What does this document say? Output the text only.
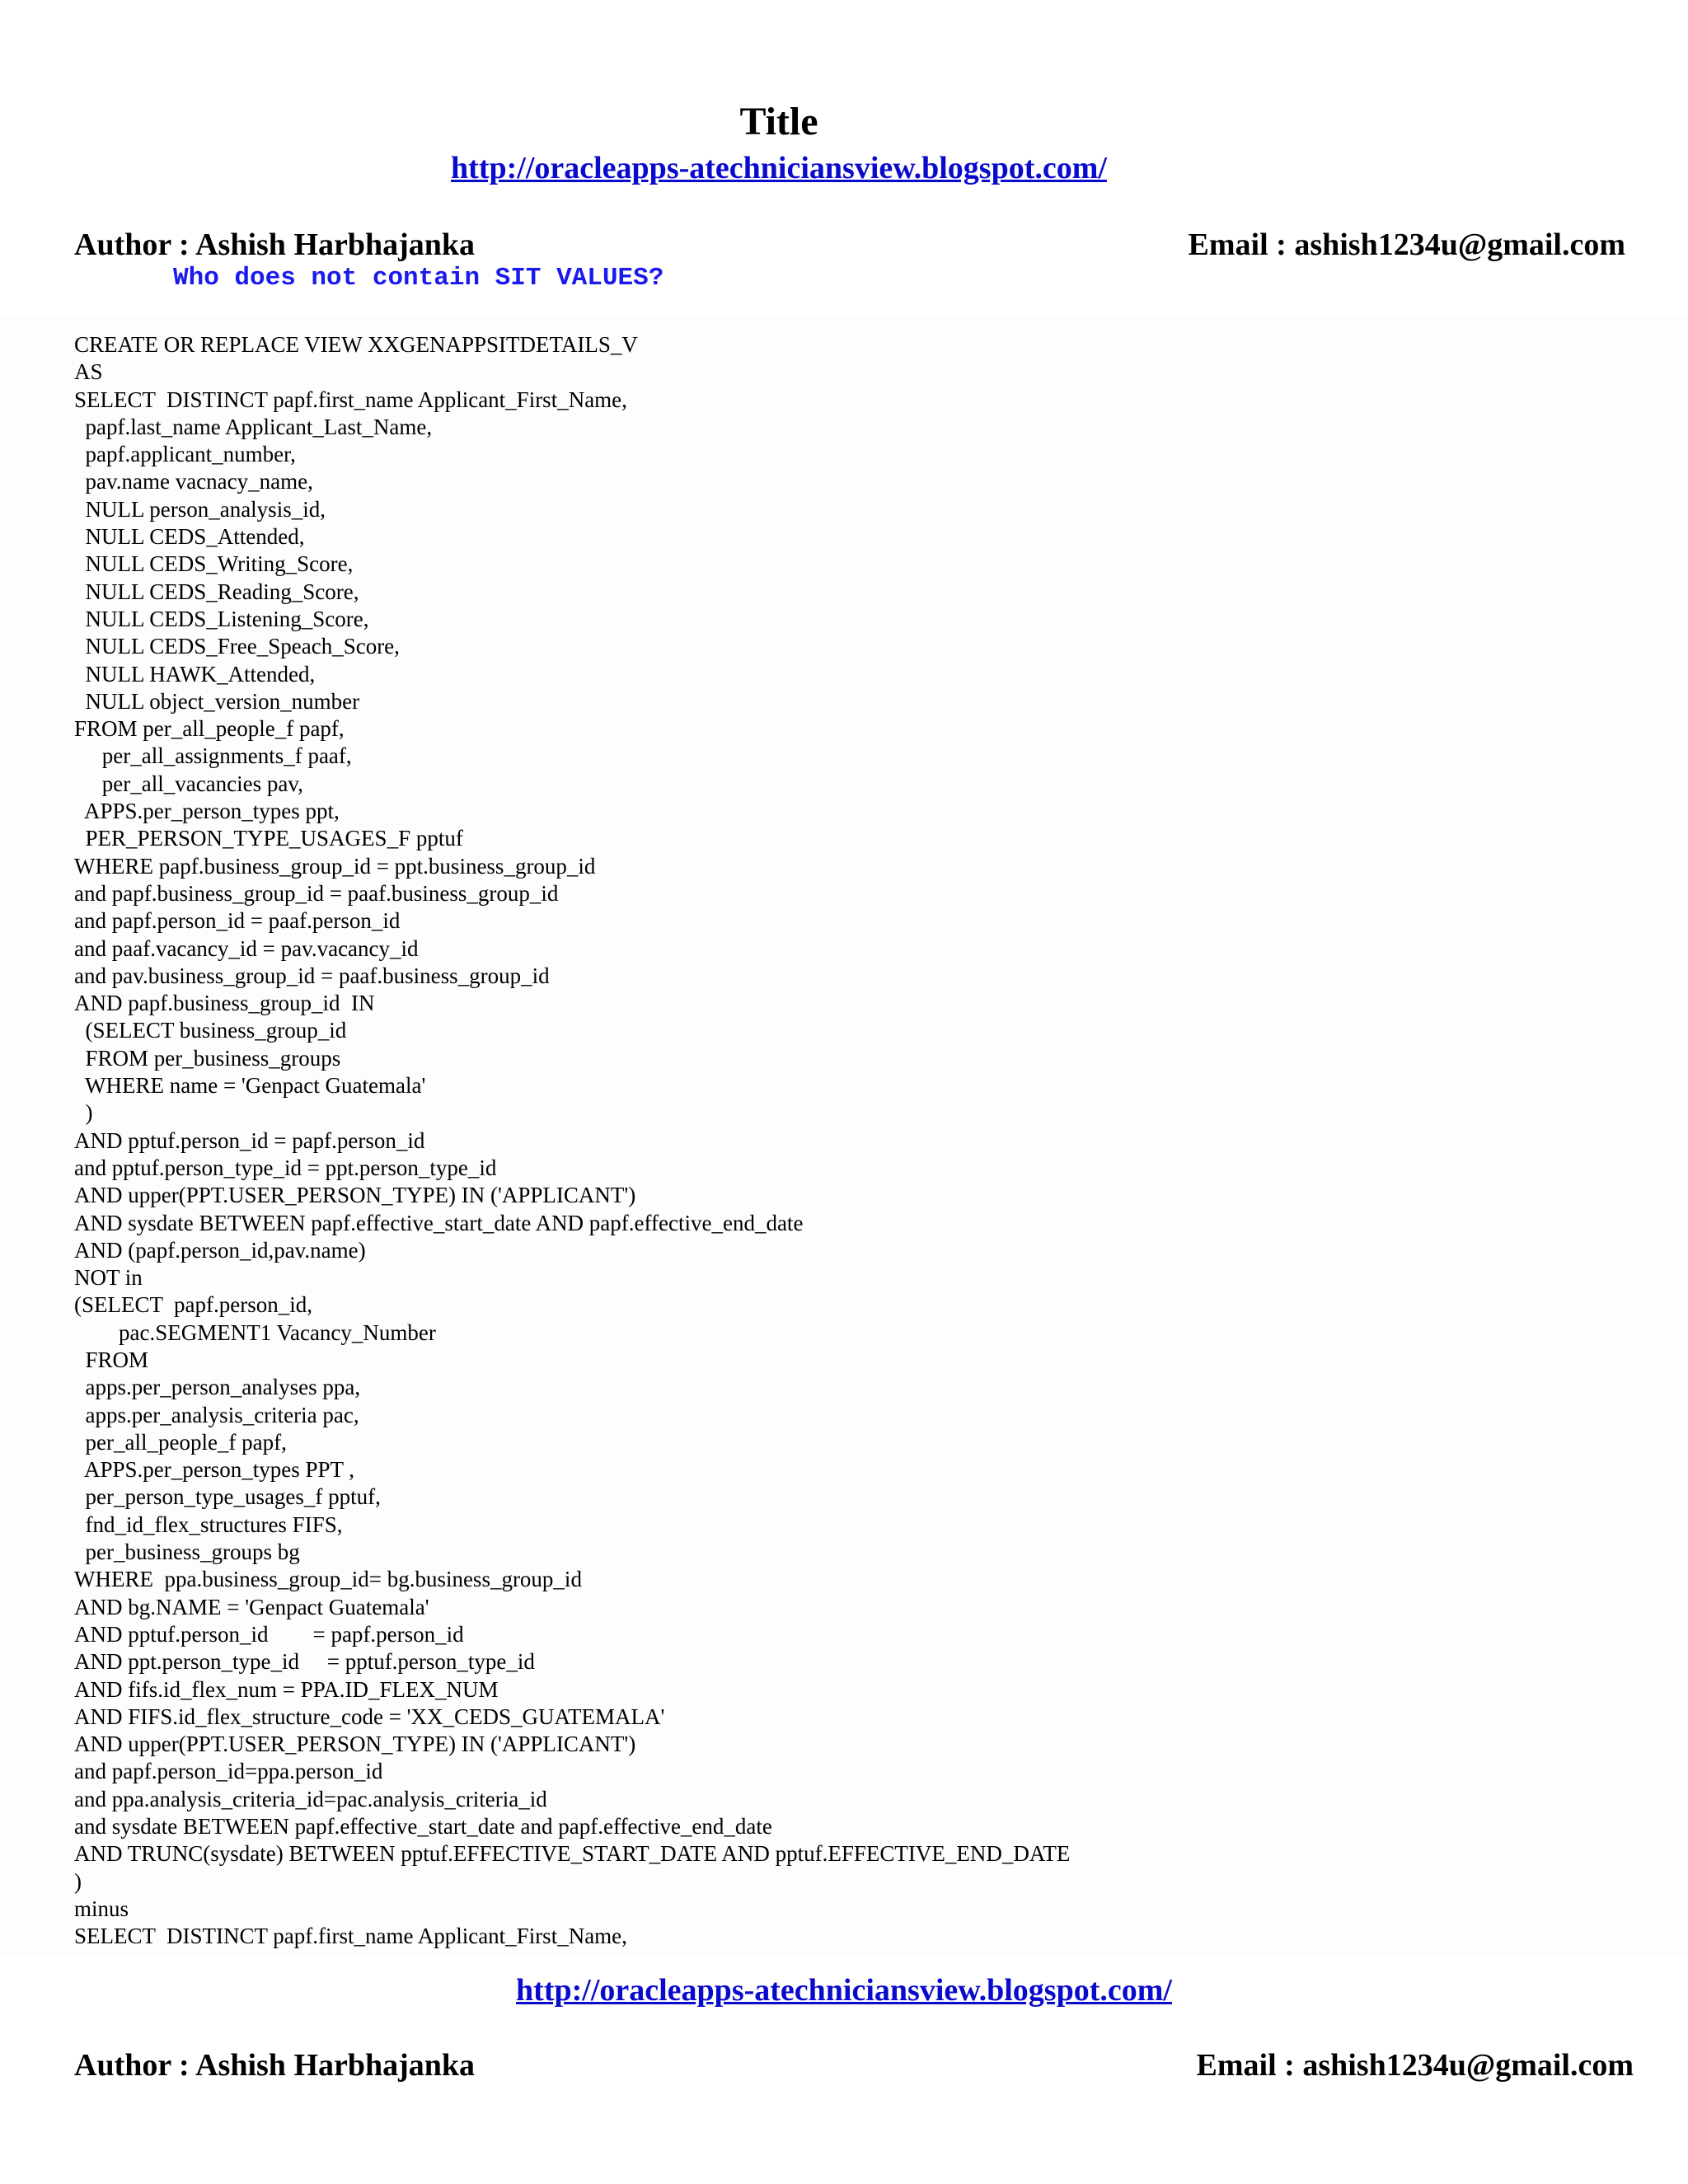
Title
http://oracleapps-atechniciansview.blogspot.com/
Author : Ashish Harbhajanka	Email : ashish1234u@gmail.com
Who does not contain SIT VALUES?
CREATE OR REPLACE VIEW XXGENAPPSITDETAILS_V
AS
SELECT  DISTINCT papf.first_name Applicant_First_Name,
papf.last_name Applicant_Last_Name,
papf.applicant_number,
pav.name vacnacy_name,
NULL person_analysis_id,
NULL CEDS_Attended,
NULL CEDS_Writing_Score,
NULL CEDS_Reading_Score,
NULL CEDS_Listening_Score,
NULL CEDS_Free_Speach_Score,
NULL HAWK_Attended,
NULL object_version_number
FROM per_all_people_f papf,
per_all_assignments_f paaf,
per_all_vacancies pav,
APPS.per_person_types ppt,
PER_PERSON_TYPE_USAGES_F pptuf
WHERE papf.business_group_id = ppt.business_group_id
and papf.business_group_id = paaf.business_group_id
and papf.person_id = paaf.person_id
and paaf.vacancy_id = pav.vacancy_id
and pav.business_group_id = paaf.business_group_id
AND papf.business_group_id  IN
(SELECT business_group_id
FROM per_business_groups
WHERE name = 'Genpact Guatemala'
)
AND pptuf.person_id = papf.person_id
and pptuf.person_type_id = ppt.person_type_id
AND upper(PPT.USER_PERSON_TYPE) IN ('APPLICANT')
AND sysdate BETWEEN papf.effective_start_date AND papf.effective_end_date
AND (papf.person_id,pav.name)
NOT in
(SELECT  papf.person_id,
pac.SEGMENT1 Vacancy_Number
FROM
apps.per_person_analyses ppa,
apps.per_analysis_criteria pac,
per_all_people_f papf,
APPS.per_person_types PPT ,
per_person_type_usages_f pptuf,
fnd_id_flex_structures FIFS,
per_business_groups bg
WHERE  ppa.business_group_id= bg.business_group_id
AND bg.NAME = 'Genpact Guatemala'
AND pptuf.person_id        = papf.person_id
AND ppt.person_type_id     = pptuf.person_type_id
AND fifs.id_flex_num = PPA.ID_FLEX_NUM
AND FIFS.id_flex_structure_code = 'XX_CEDS_GUATEMALA'
AND upper(PPT.USER_PERSON_TYPE) IN ('APPLICANT')
and papf.person_id=ppa.person_id
and ppa.analysis_criteria_id=pac.analysis_criteria_id
and sysdate BETWEEN papf.effective_start_date and papf.effective_end_date
AND TRUNC(sysdate) BETWEEN pptuf.EFFECTIVE_START_DATE AND pptuf.EFFECTIVE_END_DATE
)
minus
SELECT  DISTINCT papf.first_name Applicant_First_Name,
http://oracleapps-atechniciansview.blogspot.com/
Author : Ashish Harbhajanka	Email : ashish1234u@gmail.com
